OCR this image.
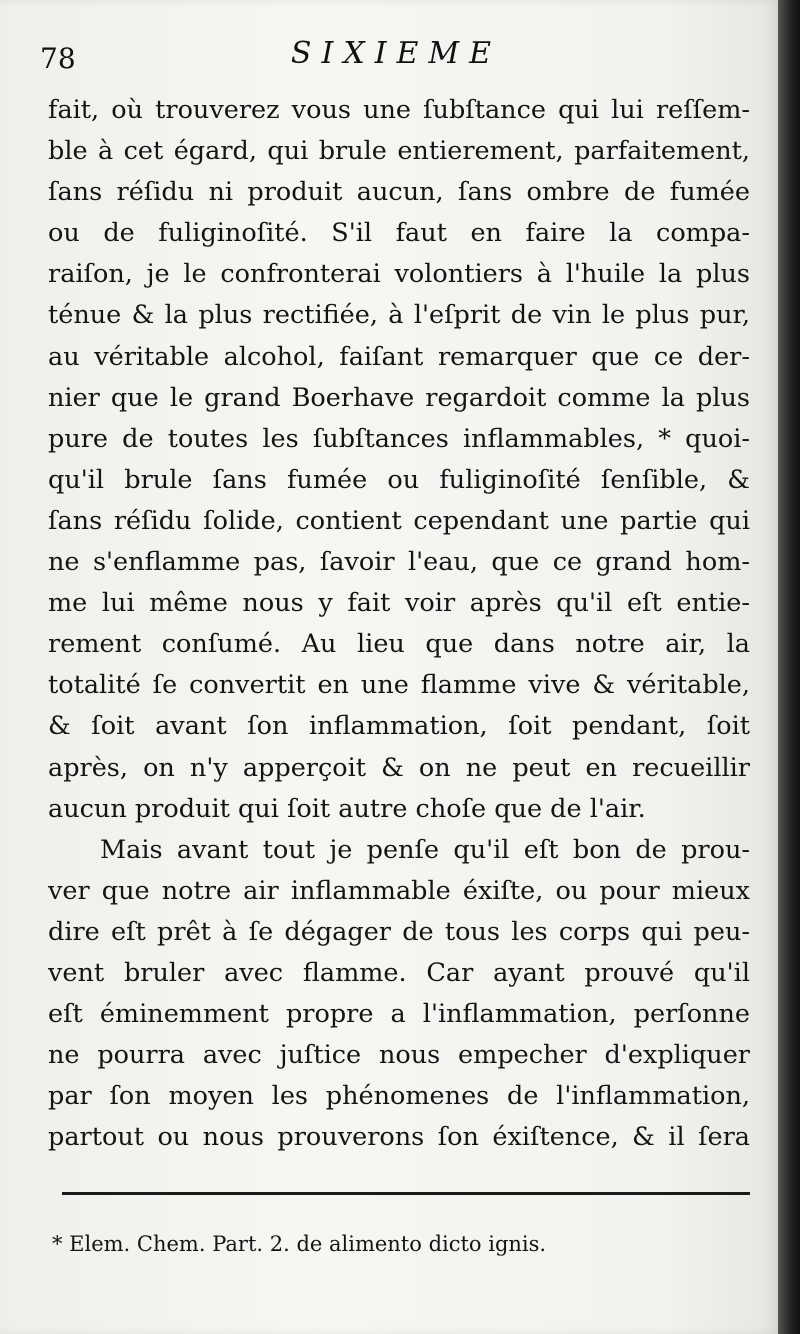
78	SIXIEME
fait, où trouverez vous une ſubſtance qui lui reſſem-
ble à cet égard, qui brule entierement, parfaitement,
ſans réſidu ni produit aucun, ſans ombre de fumée
ou de fuliginoſité. S'il faut en faire la compa-
raiſon, je le confronterai volontiers à l'huile la plus
ténue & la plus rectifiée, à l'eſprit de vin le plus pur,
au véritable alcohol, faiſant remarquer que ce der-
nier que le grand Boerhave regardoit comme la plus
pure de toutes les ſubſtances inflammables, * quoi-
qu'il brule ſans fumée ou fuliginoſité ſenſible, &
ſans réſidu ſolide, contient cependant une partie qui
ne s'enflamme pas, ſavoir l'eau, que ce grand hom-
me lui même nous y fait voir après qu'il eſt entie-
rement conſumé. Au lieu que dans notre air, la
totalité ſe convertit en une flamme vive & véritable,
& ſoit avant ſon inflammation, ſoit pendant, ſoit
après, on n'y apperçoit & on ne peut en recueillir
aucun produit qui ſoit autre choſe que de l'air.
Mais avant tout je penſe qu'il eſt bon de prou-
ver que notre air inflammable éxiſte, ou pour mieux
dire eſt prêt à ſe dégager de tous les corps qui peu-
vent bruler avec flamme. Car ayant prouvé qu'il
eſt éminemment propre a l'inflammation, perſonne
ne pourra avec juſtice nous empecher d'expliquer
par ſon moyen les phénomenes de l'inflammation,
partout ou nous prouverons ſon éxiſtence, & il ſera
* Elem. Chem. Part. 2. de alimento dicto ignis.
